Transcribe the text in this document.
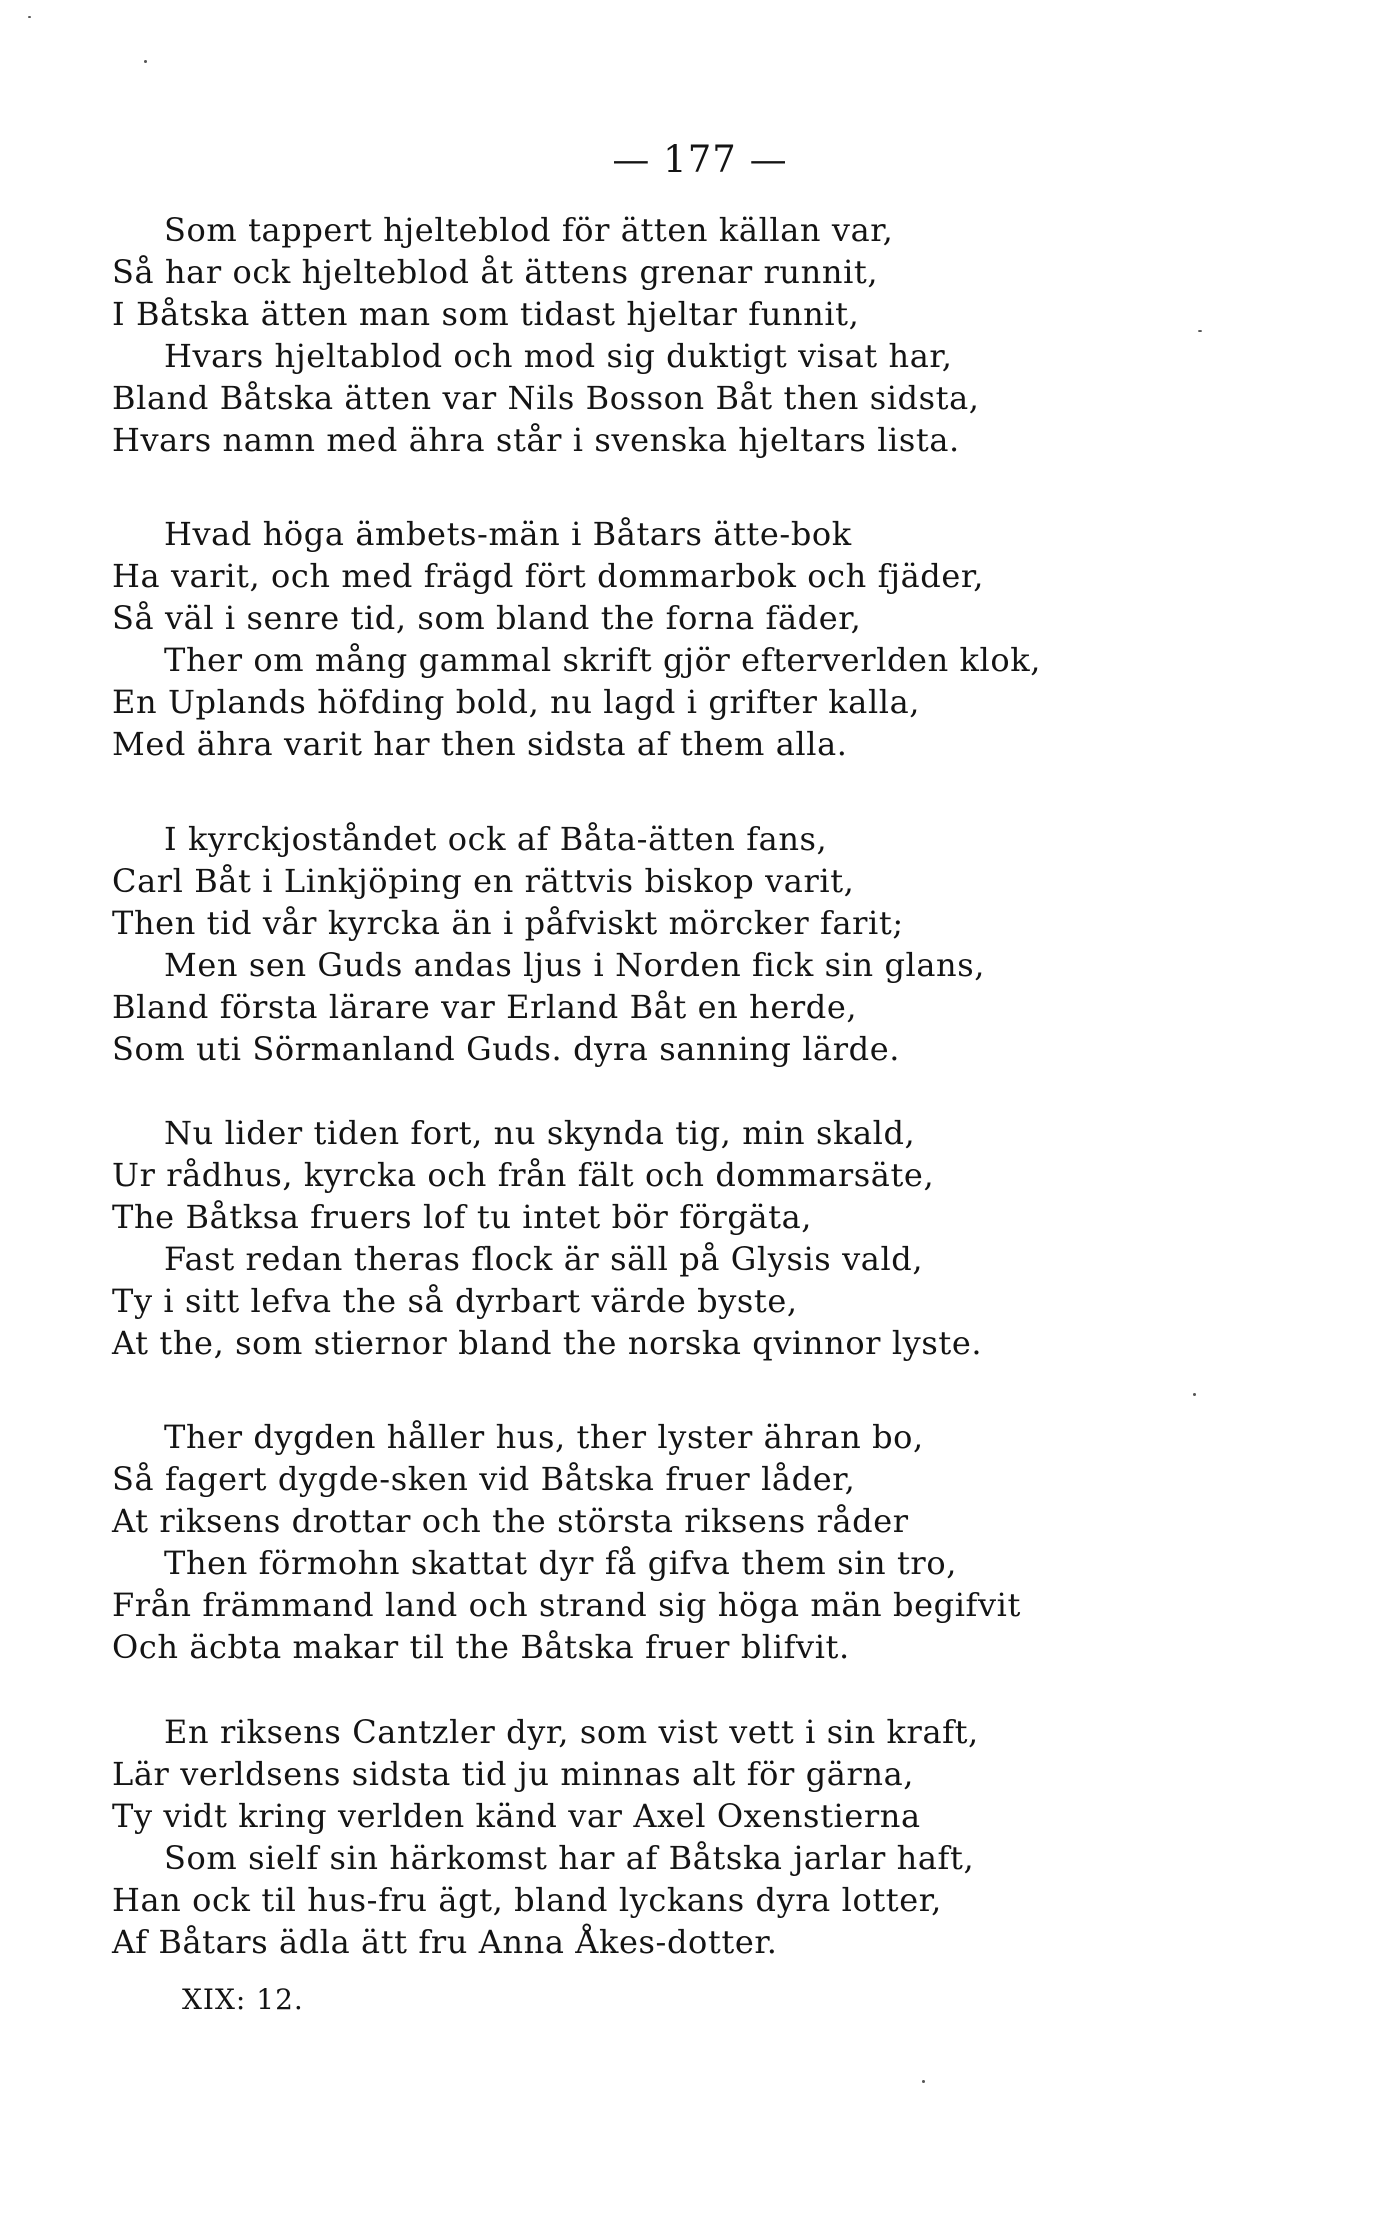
— 177 —
Som tappert hjelteblod för ätten källan var,
Så har ock hjelteblod åt ättens grenar runnit,
I Båtska ätten man som tidast hjeltar funnit,
Hvars hjeltablod och mod sig duktigt visat har,
Bland Båtska ätten var Nils Bosson Båt then sidsta,
Hvars namn med ähra står i svenska hjeltars lista.
Hvad höga ämbets-män i Båtars ätte-bok
Ha varit, och med frägd fört dommarbok och fjäder,
Så väl i senre tid, som bland the forna fäder,
Ther om mång gammal skrift gjör efterverlden klok,
En Uplands höfding bold, nu lagd i grifter kalla,
Med ähra varit har then sidsta af them alla.
I kyrckjoståndet ock af Båta-ätten fans,
Carl Båt i Linkjöping en rättvis biskop varit,
Then tid vår kyrcka än i påfviskt mörcker farit;
Men sen Guds andas ljus i Norden fick sin glans,
Bland första lärare var Erland Båt en herde,
Som uti Sörmanland Guds. dyra sanning lärde.
Nu lider tiden fort, nu skynda tig, min skald,
Ur rådhus, kyrcka och från fält och dommarsäte,
The Båtksa fruers lof tu intet bör förgäta,
Fast redan theras flock är säll på Glysis vald,
Ty i sitt lefva the så dyrbart värde byste,
At the, som stiernor bland the norska qvinnor lyste.
Ther dygden håller hus, ther lyster ähran bo,
Så fagert dygde-sken vid Båtska fruer låder,
At riksens drottar och the största riksens råder
Then förmohn skattat dyr få gifva them sin tro,
Från främmand land och strand sig höga män begifvit
Och äcbta makar til the Båtska fruer blifvit.
En riksens Cantzler dyr, som vist vett i sin kraft,
Lär verldsens sidsta tid ju minnas alt för gärna,
Ty vidt kring verlden känd var Axel Oxenstierna
Som sielf sin härkomst har af Båtska jarlar haft,
Han ock til hus-fru ägt, bland lyckans dyra lotter,
Af Båtars ädla ätt fru Anna Åkes-dotter.
XIX: 12.
